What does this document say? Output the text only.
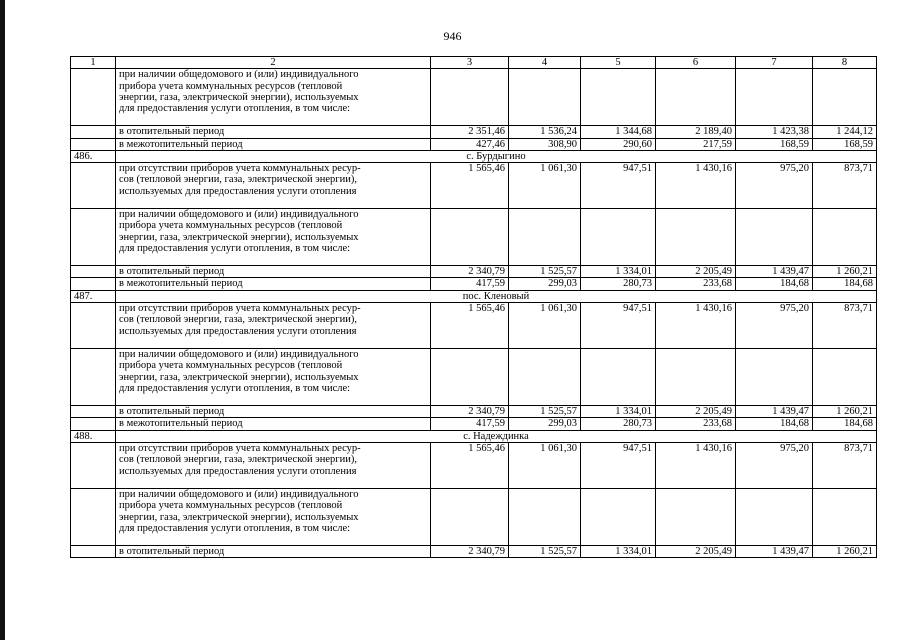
946
1	2	3	4	5	6	7	8

	при наличии общедомового и (или) индивидуального
прибора учета коммунальных ресурсов (тепловой
энергии, газа, электрической энергии), используемых
для предоставления услуги отопления, в том числе:						

	в отопительный период	2 351,46	1 536,24	1 344,68	2 189,40	1 423,38	1 244,12

	в межотопительный период	427,46	308,90	290,60	217,59	168,59	168,59
486.	с. Бурдыгино						

	при отсутствии приборов учета коммунальных ресур-
сов (тепловой энергии, газа, электрической энергии),
используемых для предоставления услуги отопления	1 565,46	1 061,30	947,51	1 430,16	975,20	873,71

	при наличии общедомового и (или) индивидуального
прибора учета коммунальных ресурсов (тепловой
энергии, газа, электрической энергии), используемых
для предоставления услуги отопления, в том числе:						

	в отопительный период	2 340,79	1 525,57	1 334,01	2 205,49	1 439,47	1 260,21

	в межотопительный период	417,59	299,03	280,73	233,68	184,68	184,68
487.	пос. Кленовый						

	при отсутствии приборов учета коммунальных ресур-
сов (тепловой энергии, газа, электрической энергии),
используемых для предоставления услуги отопления	1 565,46	1 061,30	947,51	1 430,16	975,20	873,71

	при наличии общедомового и (или) индивидуального
прибора учета коммунальных ресурсов (тепловой
энергии, газа, электрической энергии), используемых
для предоставления услуги отопления, в том числе:						

	в отопительный период	2 340,79	1 525,57	1 334,01	2 205,49	1 439,47	1 260,21

	в межотопительный период	417,59	299,03	280,73	233,68	184,68	184,68
488.	с. Надеждинка						

	при отсутствии приборов учета коммунальных ресур-
сов (тепловой энергии, газа, электрической энергии),
используемых для предоставления услуги отопления	1 565,46	1 061,30	947,51	1 430,16	975,20	873,71

	при наличии общедомового и (или) индивидуального
прибора учета коммунальных ресурсов (тепловой
энергии, газа, электрической энергии), используемых
для предоставления услуги отопления, в том числе:						

	в отопительный период	2 340,79	1 525,57	1 334,01	2 205,49	1 439,47	1 260,21
